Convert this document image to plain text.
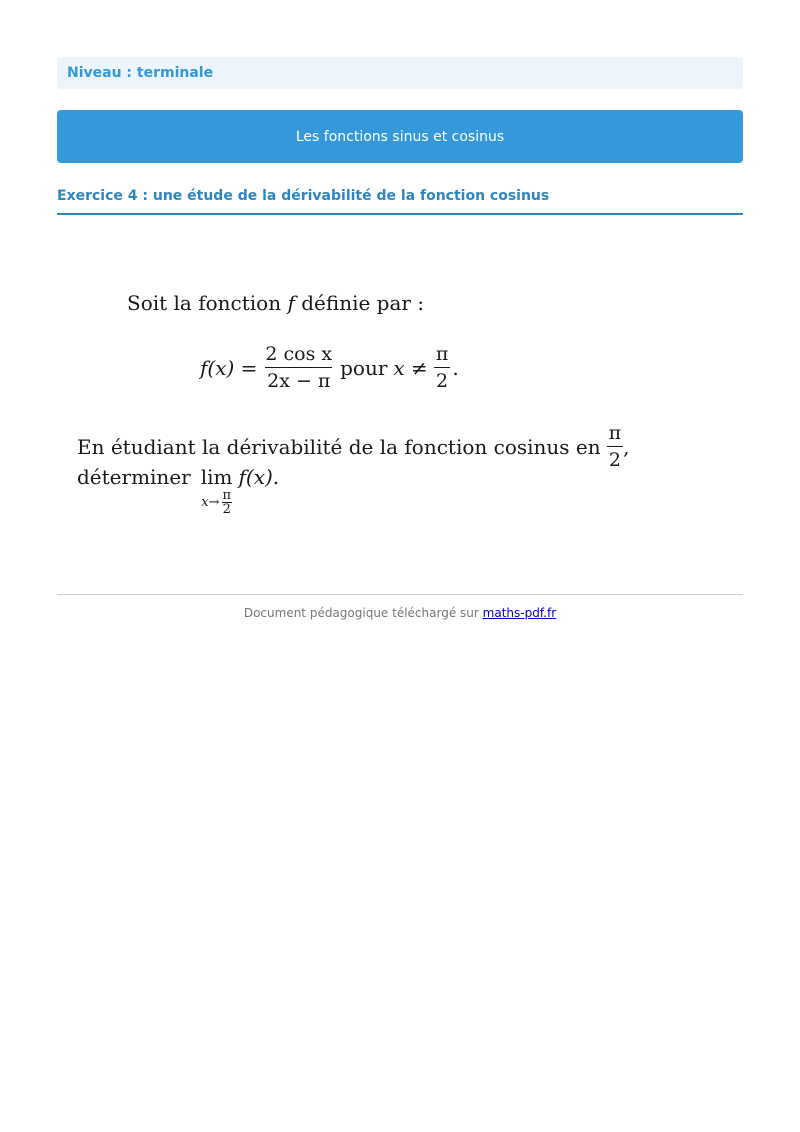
Niveau : terminale
Les fonctions sinus et cosinus
Exercice 4 : une étude de la dérivabilité de la fonction cosinus
Soit la fonction f définie par :
$f(x) = \frac{\text{2 cos x}}{2x - \pi}$ pour $x \ne \frac{\pi}{2}$ .
En étudiant la dérivabilité de la fonction cosinus en $\frac{\pi}{2}$ ,
déterminer lim
$x\to \frac{\pi}{2}$
f(x).
Document pédagogique téléchargé sur maths-pdf.fr
